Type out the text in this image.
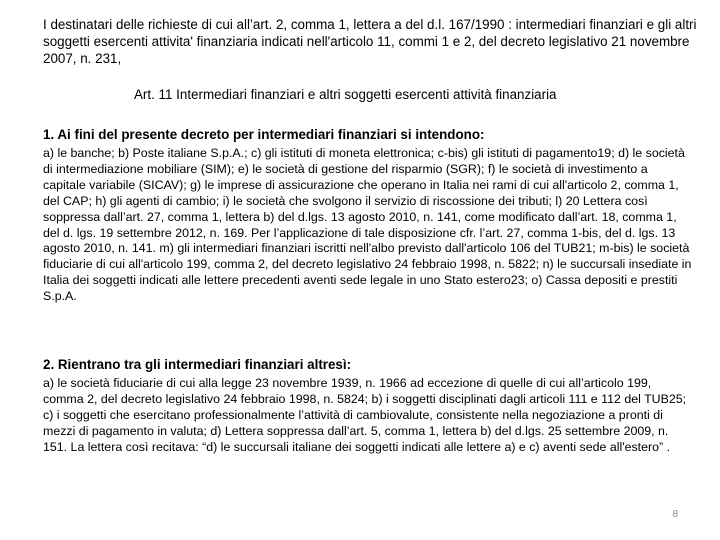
I destinatari delle richieste di cui all’art. 2, comma 1, lettera a del d.l. 167/1990 : intermediari finanziari e gli altri soggetti esercenti attivita' finanziaria indicati nell'articolo 11, commi 1 e 2, del decreto legislativo 21 novembre 2007, n. 231,
Art. 11 Intermediari finanziari e altri soggetti esercenti attività finanziaria

1. Ai fini del presente decreto per intermediari finanziari si intendono:

a) le banche; b) Poste italiane S.p.A.; c) gli istituti di moneta elettronica; c-bis) gli istituti di pagamento19; d) le società di intermediazione mobiliare (SIM); e) le società di gestione del risparmio (SGR); f) le società di investimento a capitale variabile (SICAV); g) le imprese di assicurazione che operano in Italia nei rami di cui all'articolo 2, comma 1, del CAP; h) gli agenti di cambio; i) le società che svolgono il servizio di riscossione dei tributi; l) 20 Lettera così soppressa dall’art. 27, comma 1, lettera b) del d.lgs. 13 agosto 2010, n. 141, come modificato dall’art. 18, comma 1, del d. lgs. 19 settembre 2012, n. 169. Per l’applicazione di tale disposizione cfr. l’art. 27, comma 1-bis, del d. lgs. 13 agosto 2010, n. 141. m) gli intermediari finanziari iscritti nell'albo previsto dall'articolo 106 del TUB21; m-bis) le società fiduciarie di cui all'articolo 199, comma 2, del decreto legislativo 24 febbraio 1998, n. 5822; n) le succursali insediate in Italia dei soggetti indicati alle lettere precedenti aventi sede legale in uno Stato estero23; o) Cassa depositi e prestiti S.p.A.

2. Rientrano tra gli intermediari finanziari altresì:

a) le società fiduciarie di cui alla legge 23 novembre 1939, n. 1966 ad eccezione di quelle di cui all’articolo 199, comma 2, del decreto legislativo 24 febbraio 1998, n. 5824; b) i soggetti disciplinati dagli articoli 111 e 112 del TUB25; c) i soggetti che esercitano professionalmente l’attività di cambiovalute, consistente nella negoziazione a pronti di mezzi di pagamento in valuta; d) Lettera soppressa dall’art. 5, comma 1, lettera b) del d.lgs. 25 settembre 2009, n. 151. La lettera così recitava: “d) le succursali italiane dei soggetti indicati alle lettere a) e c) aventi sede all'estero” .

8
